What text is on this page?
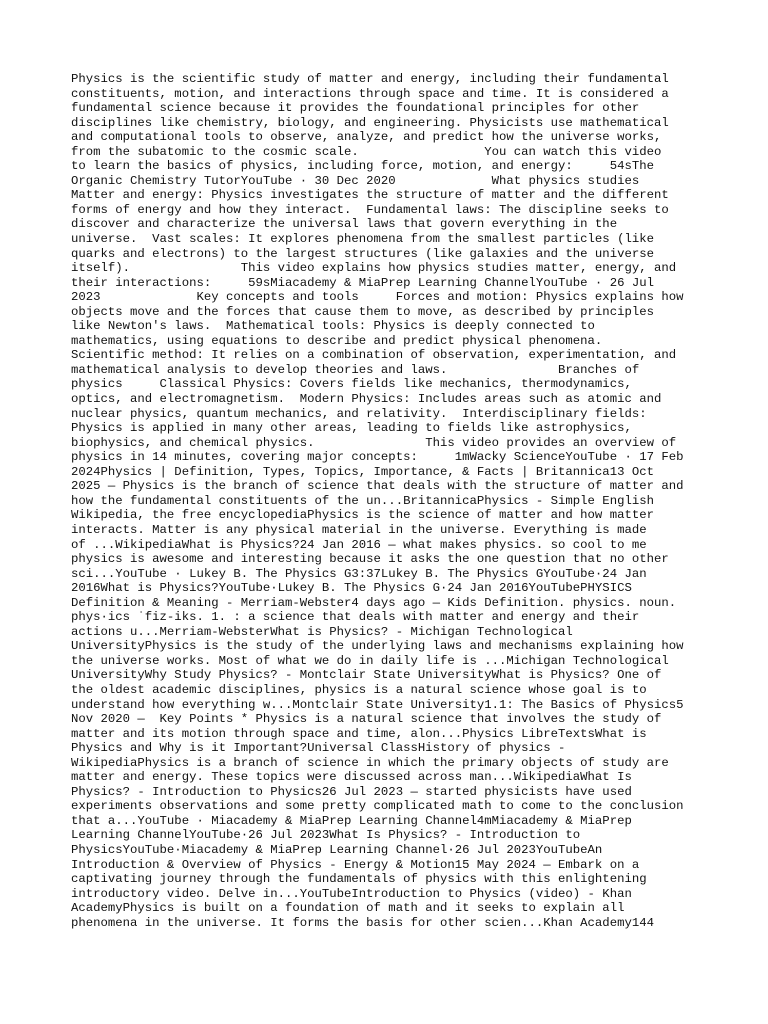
Physics is the scientific study of matter and energy, including their fundamental
constituents, motion, and interactions through space and time. It is considered a
fundamental science because it provides the foundational principles for other
disciplines like chemistry, biology, and engineering. Physicists use mathematical
and computational tools to observe, analyze, and predict how the universe works,
from the subatomic to the cosmic scale.                 You can watch this video
to learn the basics of physics, including force, motion, and energy:     54sThe
Organic Chemistry TutorYouTube · 30 Dec 2020             What physics studies
Matter and energy: Physics investigates the structure of matter and the different
forms of energy and how they interact.  Fundamental laws: The discipline seeks to
discover and characterize the universal laws that govern everything in the
universe.  Vast scales: It explores phenomena from the smallest particles (like
quarks and electrons) to the largest structures (like galaxies and the universe
itself).               This video explains how physics studies matter, energy, and
their interactions:     59sMiacademy & MiaPrep Learning ChannelYouTube · 26 Jul
2023             Key concepts and tools     Forces and motion: Physics explains how
objects move and the forces that cause them to move, as described by principles
like Newton's laws.  Mathematical tools: Physics is deeply connected to
mathematics, using equations to describe and predict physical phenomena.
Scientific method: It relies on a combination of observation, experimentation, and
mathematical analysis to develop theories and laws.               Branches of
physics     Classical Physics: Covers fields like mechanics, thermodynamics,
optics, and electromagnetism.  Modern Physics: Includes areas such as atomic and
nuclear physics, quantum mechanics, and relativity.  Interdisciplinary fields:
Physics is applied in many other areas, leading to fields like astrophysics,
biophysics, and chemical physics.               This video provides an overview of
physics in 14 minutes, covering major concepts:     1mWacky ScienceYouTube · 17 Feb
2024Physics | Definition, Types, Topics, Importance, & Facts | Britannica13 Oct
2025 — Physics is the branch of science that deals with the structure of matter and
how the fundamental constituents of the un...BritannicaPhysics - Simple English
Wikipedia, the free encyclopediaPhysics is the science of matter and how matter
interacts. Matter is any physical material in the universe. Everything is made
of ...WikipediaWhat is Physics?24 Jan 2016 — what makes physics. so cool to me
physics is awesome and interesting because it asks the one question that no other
sci...YouTube · Lukey B. The Physics G3:37Lukey B. The Physics GYouTube·24 Jan
2016What is Physics?YouTube·Lukey B. The Physics G·24 Jan 2016YouTubePHYSICS
Definition & Meaning - Merriam-Webster4 days ago — Kids Definition. physics. noun.
phys·ics ˈfiz-iks. 1. : a science that deals with matter and energy and their
actions u...Merriam-WebsterWhat is Physics? - Michigan Technological
UniversityPhysics is the study of the underlying laws and mechanisms explaining how
the universe works. Most of what we do in daily life is ...Michigan Technological
UniversityWhy Study Physics? - Montclair State UniversityWhat is Physics? One of
the oldest academic disciplines, physics is a natural science whose goal is to
understand how everything w...Montclair State University1.1: The Basics of Physics5
Nov 2020 —  Key Points * Physics is a natural science that involves the study of
matter and its motion through space and time, alon...Physics LibreTextsWhat is
Physics and Why is it Important?Universal ClassHistory of physics -
WikipediaPhysics is a branch of science in which the primary objects of study are
matter and energy. These topics were discussed across man...WikipediaWhat Is
Physics? - Introduction to Physics26 Jul 2023 — started physicists have used
experiments observations and some pretty complicated math to come to the conclusion
that a...YouTube · Miacademy & MiaPrep Learning Channel4mMiacademy & MiaPrep
Learning ChannelYouTube·26 Jul 2023What Is Physics? - Introduction to
PhysicsYouTube·Miacademy & MiaPrep Learning Channel·26 Jul 2023YouTubeAn
Introduction & Overview of Physics - Energy & Motion15 May 2024 — Embark on a
captivating journey through the fundamentals of physics with this enlightening
introductory video. Delve in...YouTubeIntroduction to Physics (video) - Khan
AcademyPhysics is built on a foundation of math and it seeks to explain all
phenomena in the universe. It forms the basis for other scien...Khan Academy144
